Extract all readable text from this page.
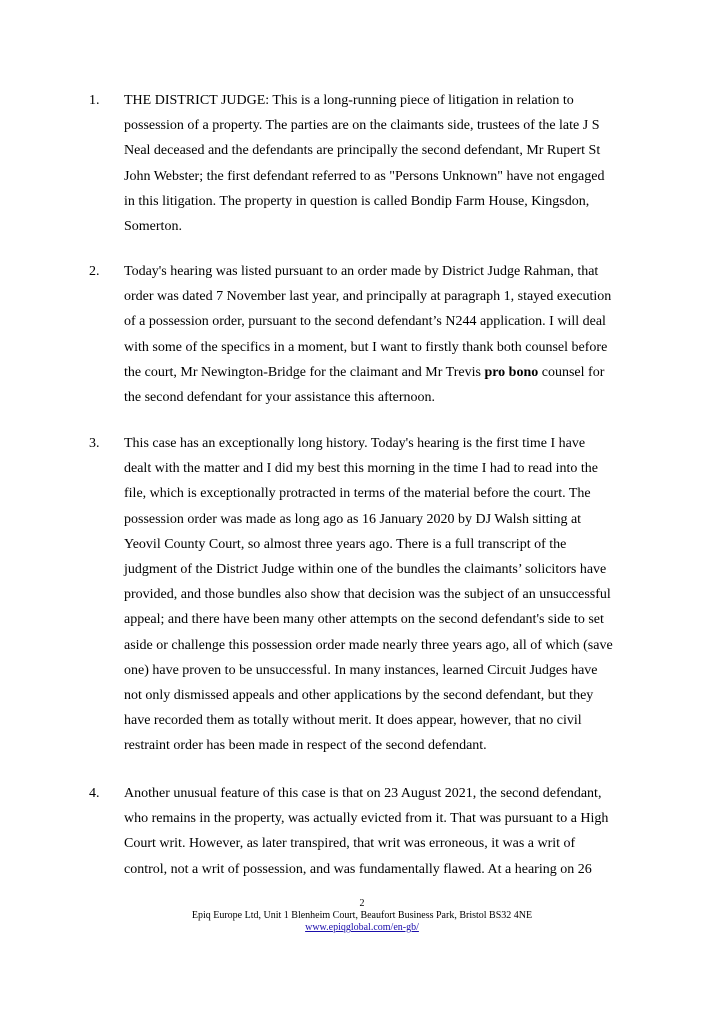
1. THE DISTRICT JUDGE: This is a long-running piece of litigation in relation to
possession of a property. The parties are on the claimants side, trustees of the late J S
Neal deceased and the defendants are principally the second defendant, Mr Rupert St
John Webster; the first defendant referred to as "Persons Unknown" have not engaged
in this litigation. The property in question is called Bondip Farm House, Kingsdon,
Somerton.
2. Today's hearing was listed pursuant to an order made by District Judge Rahman, that
order was dated 7 November last year, and principally at paragraph 1, stayed execution
of a possession order, pursuant to the second defendant’s N244 application. I will deal
with some of the specifics in a moment, but I want to firstly thank both counsel before
the court, Mr Newington-Bridge for the claimant and Mr Trevis pro bono counsel for
the second defendant for your assistance this afternoon.
3. This case has an exceptionally long history. Today's hearing is the first time I have
dealt with the matter and I did my best this morning in the time I had to read into the
file, which is exceptionally protracted in terms of the material before the court. The
possession order was made as long ago as 16 January 2020 by DJ Walsh sitting at
Yeovil County Court, so almost three years ago. There is a full transcript of the
judgment of the District Judge within one of the bundles the claimants’ solicitors have
provided, and those bundles also show that decision was the subject of an unsuccessful
appeal; and there have been many other attempts on the second defendant's side to set
aside or challenge this possession order made nearly three years ago, all of which (save
one) have proven to be unsuccessful. In many instances, learned Circuit Judges have
not only dismissed appeals and other applications by the second defendant, but they
have recorded them as totally without merit. It does appear, however, that no civil
restraint order has been made in respect of the second defendant.
4. Another unusual feature of this case is that on 23 August 2021, the second defendant,
who remains in the property, was actually evicted from it. That was pursuant to a High
Court writ. However, as later transpired, that writ was erroneous, it was a writ of
control, not a writ of possession, and was fundamentally flawed. At a hearing on 26
2
Epiq Europe Ltd, Unit 1 Blenheim Court, Beaufort Business Park, Bristol BS32 4NE
www.epiqglobal.com/en-gb/
